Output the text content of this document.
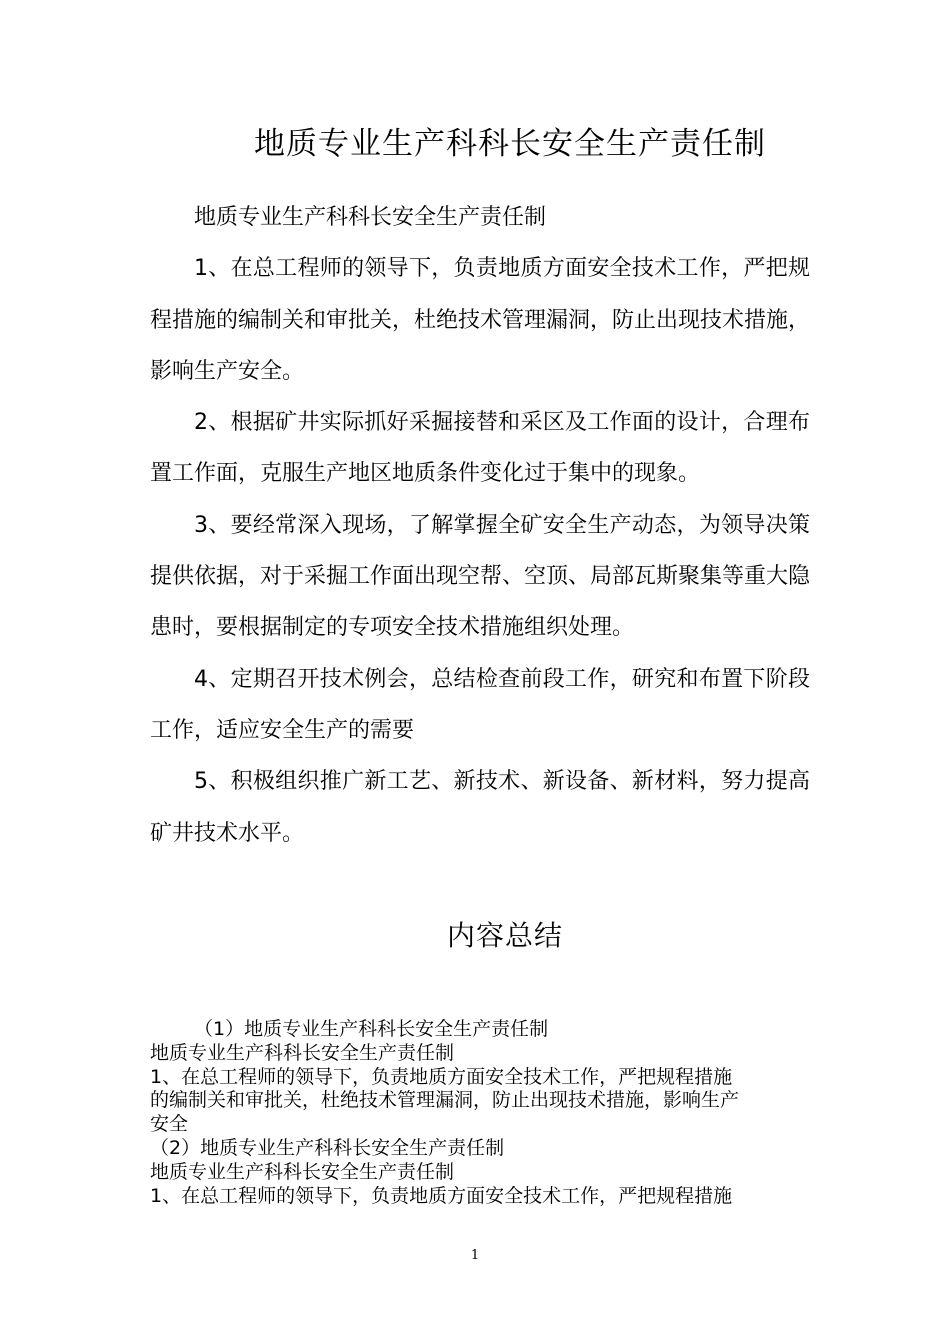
地质专业生产科科长安全生产责任制

地质专业生产科科长安全生产责任制

1、在总工程师的领导下，负责地质方面安全技术工作，严把规程措施的编制关和审批关，杜绝技术管理漏洞，防止出现技术措施，影响生产安全。

2、根据矿井实际抓好采掘接替和采区及工作面的设计，合理布置工作面，克服生产地区地质条件变化过于集中的现象。

3、要经常深入现场，了解掌握全矿安全生产动态，为领导决策提供依据，对于采掘工作面出现空帮、空顶、局部瓦斯聚集等重大隐患时，要根据制定的专项安全技术措施组织处理。

4、定期召开技术例会，总结检查前段工作，研究和布置下阶段工作，适应安全生产的需要

5、积极组织推广新工艺、新技术、新设备、新材料，努力提高矿井技术水平。

内容总结

（1）地质专业生产科科长安全生产责任制

地质专业生产科科长安全生产责任制

1、在总工程师的领导下，负责地质方面安全技术工作，严把规程措施

的编制关和审批关，杜绝技术管理漏洞，防止出现技术措施，影响生产

安全

（2）地质专业生产科科长安全生产责任制

地质专业生产科科长安全生产责任制

1、在总工程师的领导下，负责地质方面安全技术工作，严把规程措施

1
